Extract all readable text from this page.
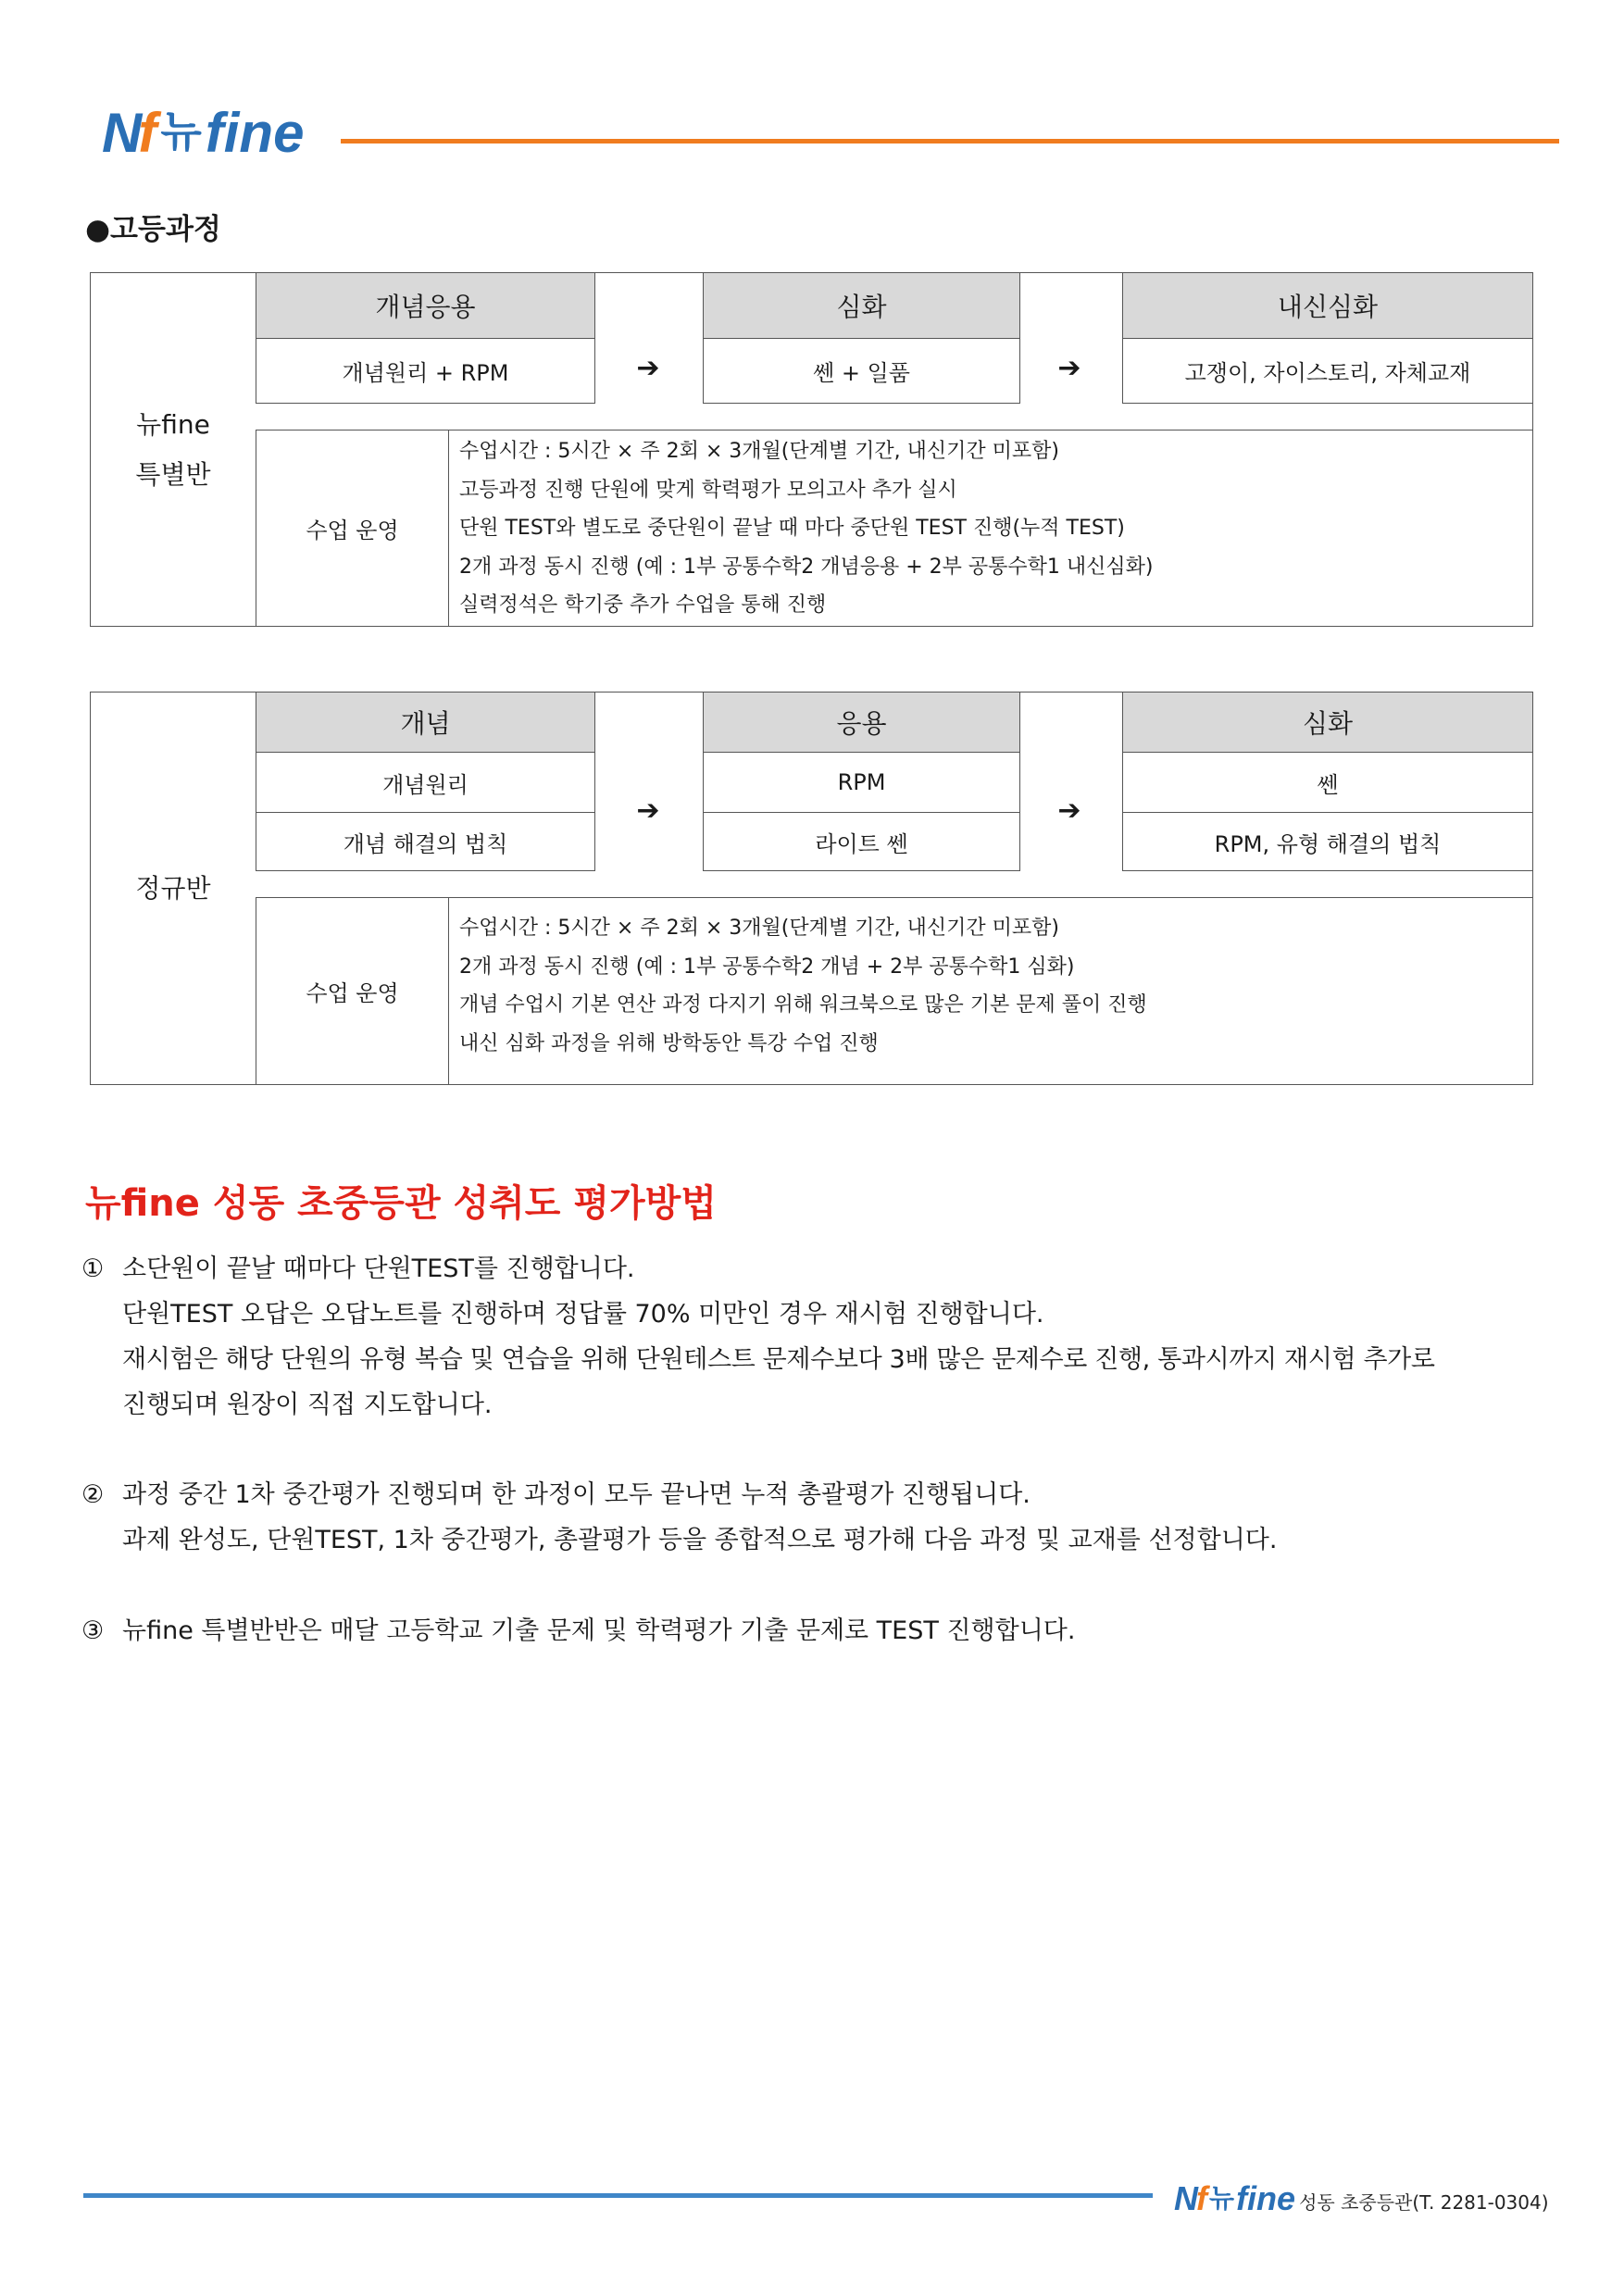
Nf 뉴 fine
●고등과정
뉴fine
특별반
개념응용
개념원리 + RPM	➔
심화
쎈 + 일품	➔
내신심화
고쟁이, 자이스토리, 자체교재
수업 운영
수업시간 : 5시간 × 주 2회 × 3개월(단계별 기간, 내신기간 미포함)
고등과정 진행 단원에 맞게 학력평가 모의고사 추가 실시
단원 TEST와 별도로 중단원이 끝날 때 마다 중단원 TEST 진행(누적 TEST)
2개 과정 동시 진행 (예 : 1부 공통수학2 개념응용 + 2부 공통수학1 내신심화)
실력정석은 학기중 추가 수업을 통해 진행
정규반
개념
개념원리
개념 해결의 법칙
➔
응용
RPM
라이트 쎈
➔
심화
쎈
RPM, 유형 해결의 법칙
수업 운영
수업시간 : 5시간 × 주 2회 × 3개월(단계별 기간, 내신기간 미포함)
2개 과정 동시 진행 (예 : 1부 공통수학2 개념 + 2부 공통수학1 심화)
개념 수업시 기본 연산 과정 다지기 위해 워크북으로 많은 기본 문제 풀이 진행
내신 심화 과정을 위해 방학동안 특강 수업 진행
뉴fine 성동 초중등관 성취도 평가방법
① 소단원이 끝날 때마다 단원TEST를 진행합니다.
단원TEST 오답은 오답노트를 진행하며 정답률 70% 미만인 경우 재시험 진행합니다.
재시험은 해당 단원의 유형 복습 및 연습을 위해 단원테스트 문제수보다 3배 많은 문제수로 진행, 통과시까지 재시험 추가로
진행되며 원장이 직접 지도합니다.
② 과정 중간 1차 중간평가 진행되며 한 과정이 모두 끝나면 누적 총괄평가 진행됩니다.
과제 완성도, 단원TEST, 1차 중간평가, 총괄평가 등을 종합적으로 평가해 다음 과정 및 교재를 선정합니다.
③ 뉴fine 특별반반은 매달 고등학교 기출 문제 및 학력평가 기출 문제로 TEST 진행합니다.
Nf 뉴 fine 성동 초중등관(T. 2281-0304)
